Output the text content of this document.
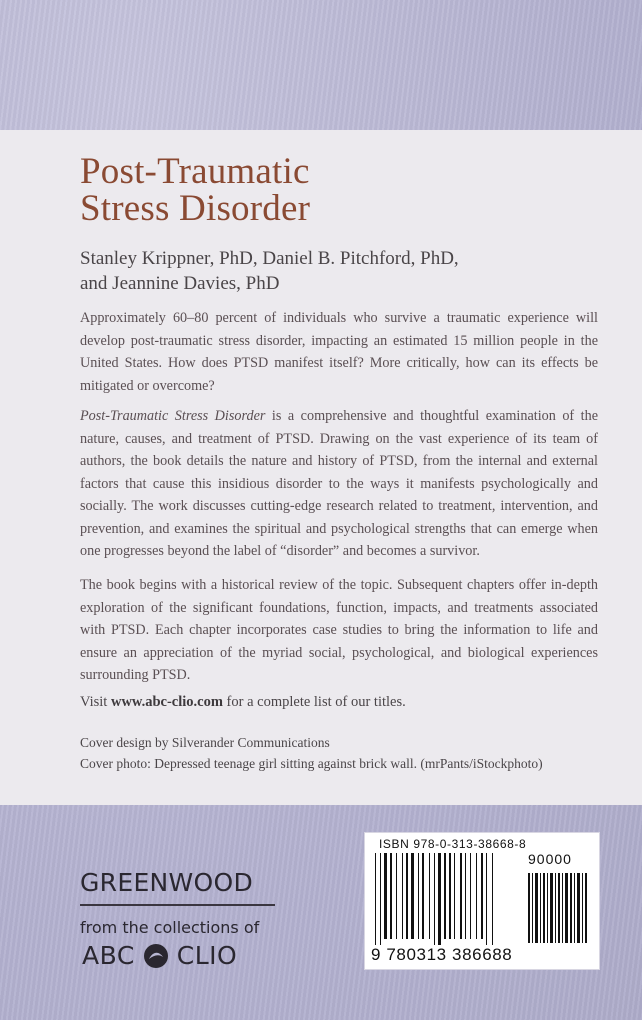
Post-Traumatic
Stress Disorder
Stanley Krippner, PhD, Daniel B. Pitchford, PhD,
and Jeannine Davies, PhD

Approximately 60–80 percent of individuals who survive a traumatic experience will develop post-traumatic stress disorder, impacting an estimated 15 million people in the United States. How does PTSD manifest itself? More critically, how can its effects be mitigated or overcome?

Post-Traumatic Stress Disorder is a comprehensive and thoughtful examination of the nature, causes, and treatment of PTSD. Drawing on the vast experience of its team of authors, the book details the nature and history of PTSD, from the internal and external factors that cause this insidious disorder to the ways it manifests psychologically and socially. The work discusses cutting-edge research related to treatment, intervention, and prevention, and examines the spiritual and psychological strengths that can emerge when one progresses beyond the label of “disorder” and becomes a survivor.

The book begins with a historical review of the topic. Subsequent chapters offer in-depth exploration of the significant foundations, function, impacts, and treatments associated with PTSD. Each chapter incorporates case studies to bring the information to life and ensure an appreciation of the myriad social, psychological, and biological experiences surrounding PTSD.

Visit www.abc-clio.com for a complete list of our titles.
Cover design by Silverander Communications
Cover photo: Depressed teenage girl sitting against brick wall. (mrPants/iStockphoto)
GREENWOOD

from the collections of

ABC CLIO
ISBN 978-0-313-38668-8
90000
9 780313 386688
